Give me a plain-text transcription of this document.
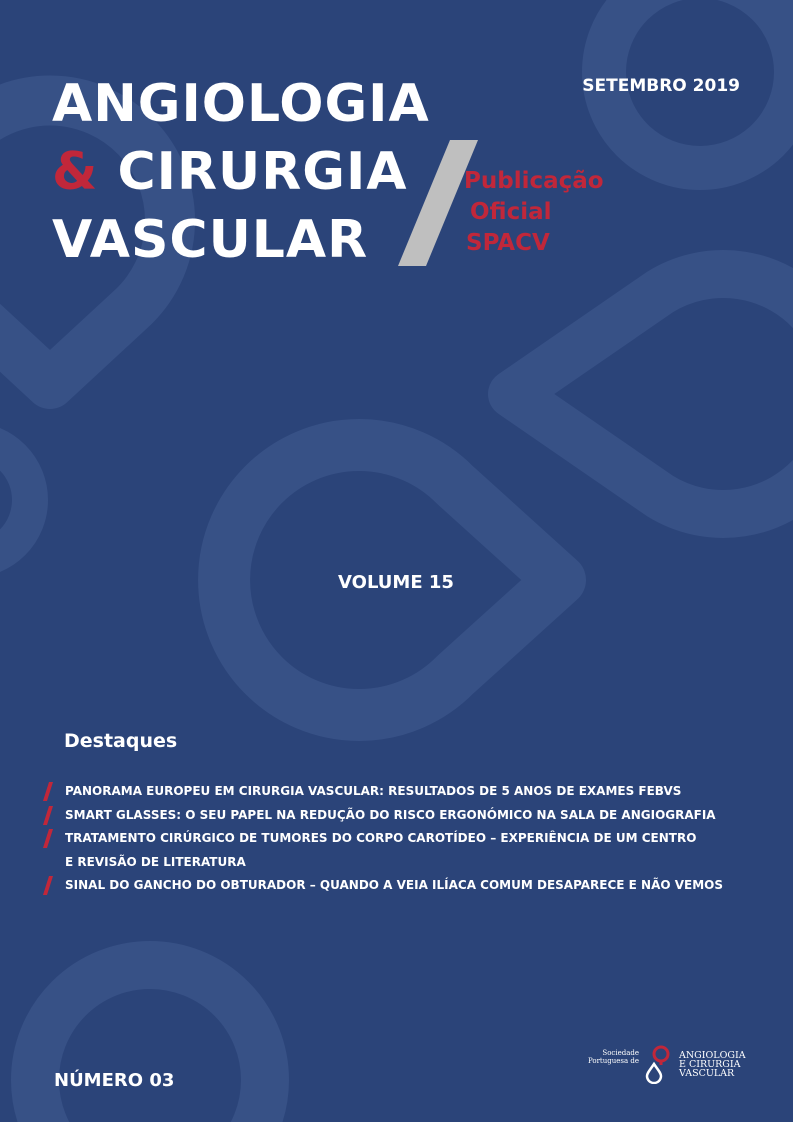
ANGIOLOGIA
& CIRURGIA
VASCULAR
Publicação
Oficial
SPACV
SETEMBRO 2019
VOLUME 15
Destaques
PANORAMA EUROPEU EM CIRURGIA VASCULAR: RESULTADOS DE 5 ANOS DE EXAMES FEBVS
SMART GLASSES: O SEU PAPEL NA REDUÇÃO DO RISCO ERGONÓMICO NA SALA DE ANGIOGRAFIA
TRATAMENTO CIRÚRGICO DE TUMORES DO CORPO CAROTÍDEO – EXPERIÊNCIA DE UM CENTRO
E REVISÃO DE LITERATURA
SINAL DO GANCHO DO OBTURADOR – QUANDO A VEIA ILÍACA COMUM DESAPARECE E NÃO VEMOS
NÚMERO 03
Sociedade
Portuguesa de	ANGIOLOGIA
E CIRURGIA
VASCULAR
